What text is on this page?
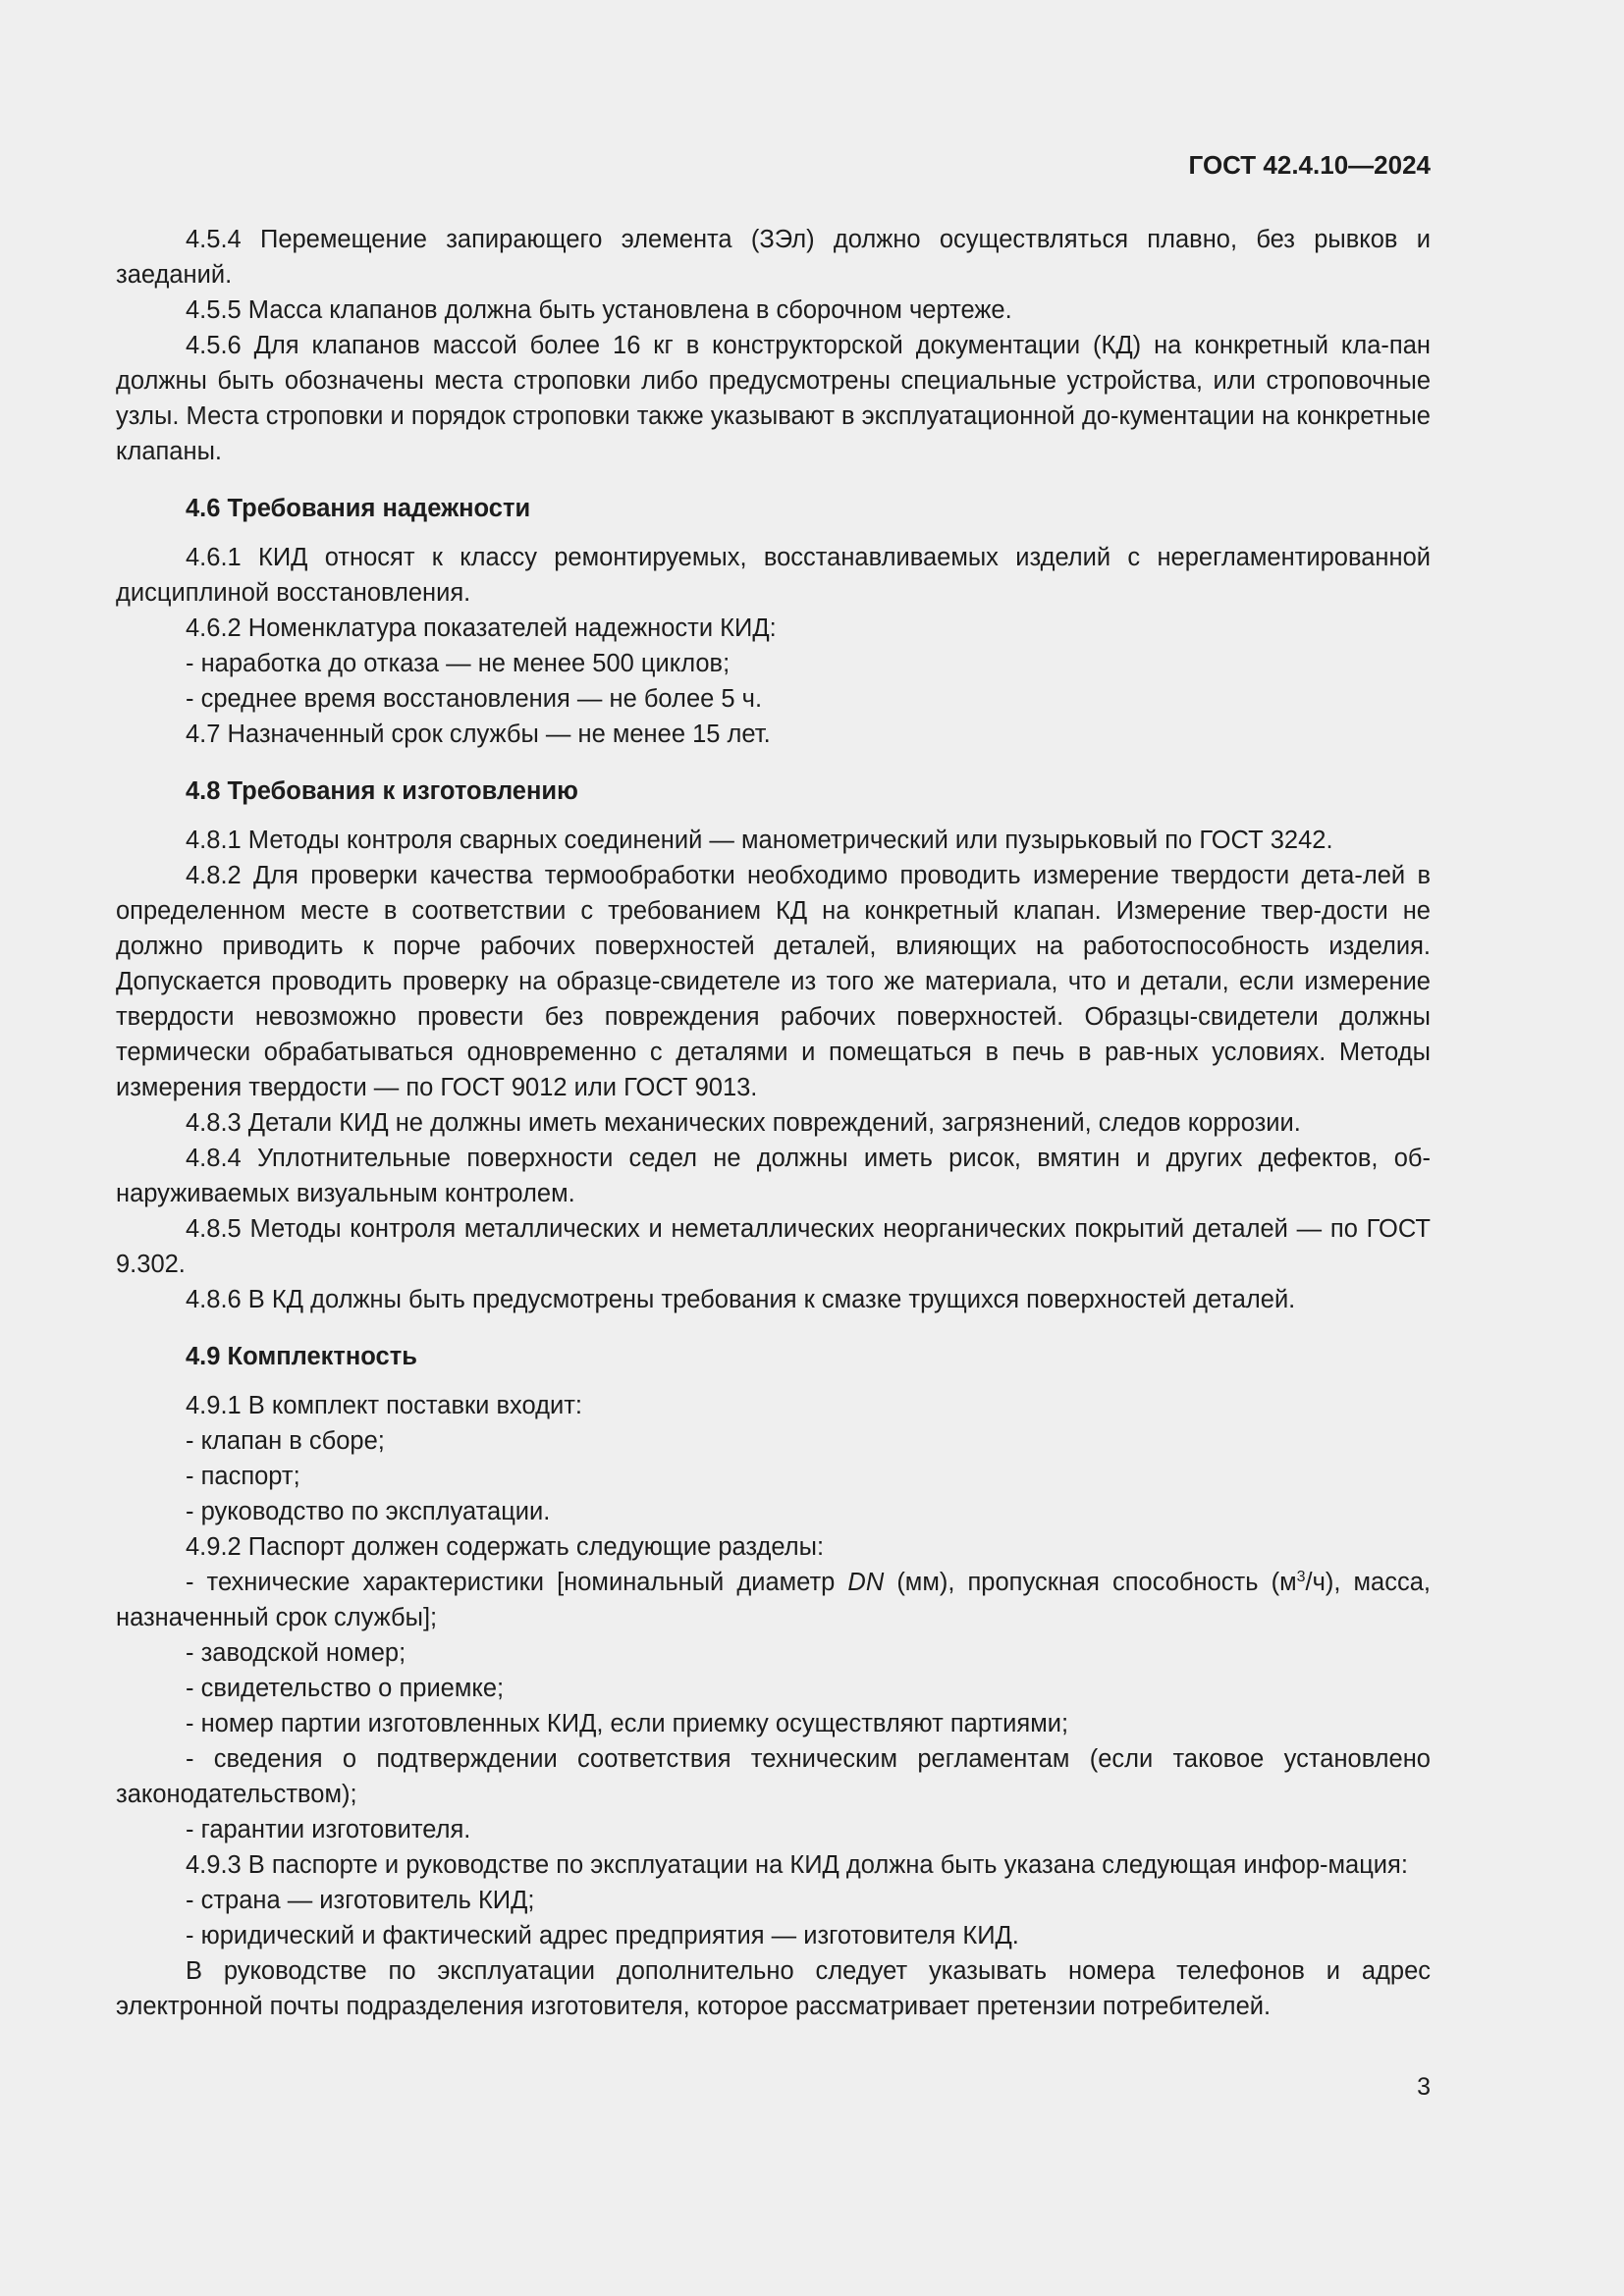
ГОСТ 42.4.10—2024

4.5.4 Перемещение запирающего элемента (ЗЭл) должно осуществляться плавно, без рывков и заеданий.

4.5.5 Масса клапанов должна быть установлена в сборочном чертеже.

4.5.6 Для клапанов массой более 16 кг в конструкторской документации (КД) на конкретный кла-пан должны быть обозначены места строповки либо предусмотрены специальные устройства, или строповочные узлы. Места строповки и порядок строповки также указывают в эксплуатационной до-кументации на конкретные клапаны.

4.6 Требования надежности

4.6.1 КИД относят к классу ремонтируемых, восстанавливаемых изделий с нерегламентированной дисциплиной восстановления.

4.6.2 Номенклатура показателей надежности КИД:

- наработка до отказа — не менее 500 циклов;

- среднее время восстановления — не более 5 ч.

4.7 Назначенный срок службы — не менее 15 лет.

4.8 Требования к изготовлению

4.8.1 Методы контроля сварных соединений — манометрический или пузырьковый по ГОСТ 3242.

4.8.2 Для проверки качества термообработки необходимо проводить измерение твердости дета-лей в определенном месте в соответствии с требованием КД на конкретный клапан. Измерение твер-дости не должно приводить к порче рабочих поверхностей деталей, влияющих на работоспособность изделия. Допускается проводить проверку на образце-свидетеле из того же материала, что и детали, если измерение твердости невозможно провести без повреждения рабочих поверхностей. Образцы-свидетели должны термически обрабатываться одновременно с деталями и помещаться в печь в рав-ных условиях. Методы измерения твердости — по ГОСТ 9012 или ГОСТ 9013.

4.8.3 Детали КИД не должны иметь механических повреждений, загрязнений, следов коррозии.

4.8.4 Уплотнительные поверхности седел не должны иметь рисок, вмятин и других дефектов, об-наруживаемых визуальным контролем.

4.8.5 Методы контроля металлических и неметаллических неорганических покрытий деталей — по ГОСТ 9.302.

4.8.6 В КД должны быть предусмотрены требования к смазке трущихся поверхностей деталей.

4.9 Комплектность

4.9.1 В комплект поставки входит:

- клапан в сборе;

- паспорт;

- руководство по эксплуатации.

4.9.2 Паспорт должен содержать следующие разделы:

- технические характеристики [номинальный диаметр DN (мм), пропускная способность $(м^3/ч)$, масса, назначенный срок службы];

- заводской номер;

- свидетельство о приемке;

- номер партии изготовленных КИД, если приемку осуществляют партиями;

- сведения о подтверждении соответствия техническим регламентам (если таковое установлено законодательством);

- гарантии изготовителя.

4.9.3 В паспорте и руководстве по эксплуатации на КИД должна быть указана следующая инфор-мация:

- страна — изготовитель КИД;

- юридический и фактический адрес предприятия — изготовителя КИД.

В руководстве по эксплуатации дополнительно следует указывать номера телефонов и адрес электронной почты подразделения изготовителя, которое рассматривает претензии потребителей.

3
